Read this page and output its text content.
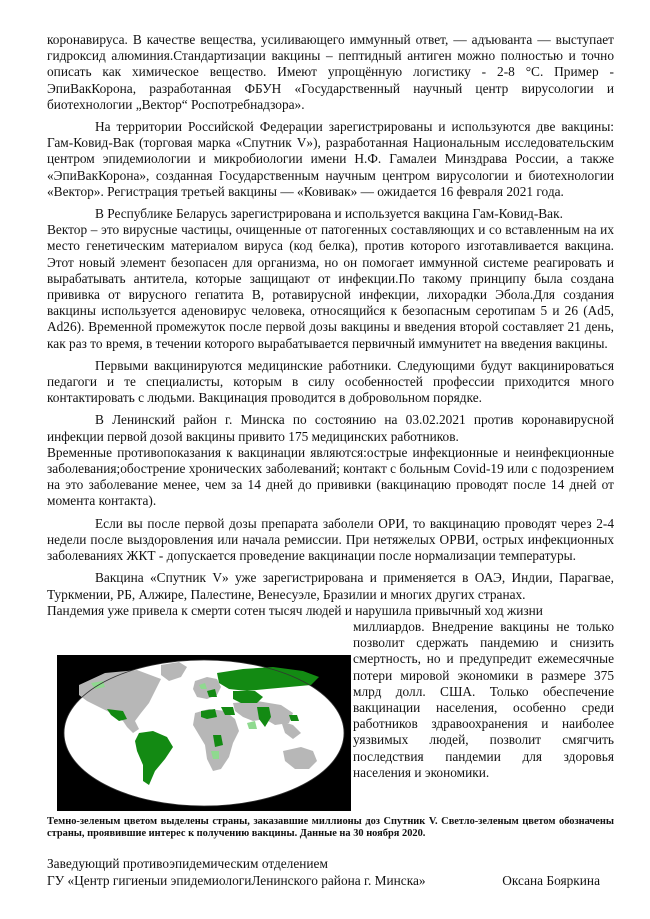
коронавируса. В качестве вещества, усиливающего иммунный ответ, — адъюванта — выступает гидроксид алюминия.Стандартизации вакцины – пептидный антиген можно полностью и точно описать как химическое вещество. Имеют упрощённую логистику - 2-8 °С. Пример - ЭпиВакКорона, разработанная ФБУН «Государственный научный центр вирусологии и биотехнологии „Вектор“ Роспотребнадзора».

На территории Российской Федерации зарегистрированы и используются две вакцины: Гам-Ковид-Вак (торговая марка «Спутник V»), разработанная Национальным исследовательским центром эпидемиологии и микробиологии имени Н.Ф. Гамалеи Минздрава России, а также «ЭпиВакКорона», созданная Государственным научным центром вирусологии и биотехнологии «Вектор». Регистрация третьей вакцины — «Ковивак» — ожидается 16 февраля 2021 года.

В Республике Беларусь зарегистрирована и используется вакцина Гам-Ковид-Вак.

Вектор – это вирусные частицы, очищенные от патогенных составляющих и со вставленным на их место генетическим материалом вируса (код белка), против которого изготавливается вакцина. Этот новый элемент безопасен для организма, но он помогает иммунной системе реагировать и вырабатывать антитела, которые защищают от инфекции.По такому принципу была создана прививка от вирусного гепатита В, ротавирусной инфекции, лихорадки Эбола.Для создания вакцины используется аденовирус человека, относящийся к безопасным серотипам 5 и 26 (Ad5, Ad26). Временной промежуток после первой дозы вакцины и введения второй составляет 21 день, как раз то время, в течении которого вырабатывается первичный иммунитет на введения вакцины.

Первыми вакцинируются медицинские работники. Следующими будут вакцинироваться педагоги и те специалисты, которым в силу особенностей профессии приходится много контактировать с людьми. Вакцинация проводится в добровольном порядке.

В Ленинский район г. Минска по состоянию на 03.02.2021 против коронавирусной инфекции первой дозой вакцины привито 175 медицинских работников.

Временные противопоказания к вакцинации являются:острые инфекционные и неинфекционные заболевания;обострение хронических заболеваний; контакт с больным Covid-19 или с подозрением на это заболевание менее, чем за 14 дней до прививки (вакцинацию проводят после 14 дней от момента контакта).

Если вы после первой дозы препарата заболели ОРИ, то вакцинацию проводят через 2-4 недели после выздоровления или начала ремиссии. При нетяжелых ОРВИ, острых инфекционных заболеваниях ЖКТ - допускается проведение вакцинации после нормализации температуры.

Вакцина «Спутник V» уже зарегистрирована и применяется в ОАЭ, Индии, Парагвае, Туркмении, РБ, Алжире, Палестине, Венесуэле, Бразилии и многих других странах.

Пандемия уже привела к смерти сотен тысяч людей и нарушила привычный ход жизни

миллиардов. Внедрение вакцины не только позволит сдержать пандемию и снизить смертность, но и предупредит ежемесячные потери мировой экономики в размере 375 млрд долл. США. Только обеспечение вакцинации населения, особенно среди работников здравоохранения и наиболее уязвимых людей, позволит смягчить последствия пандемии для здоровья населения и экономики.

Темно-зеленым цветом выделены страны, заказавшие миллионы доз Спутник V. Светло-зеленым цветом обозначены страны, проявившие интерес к получению вакцины. Данные на 30 ноября 2020.
Заведующий противоэпидемическим отделением
ГУ «Центр гигиеныи эпидемиологиЛенинского района г. Минска»	Оксана Бояркина
